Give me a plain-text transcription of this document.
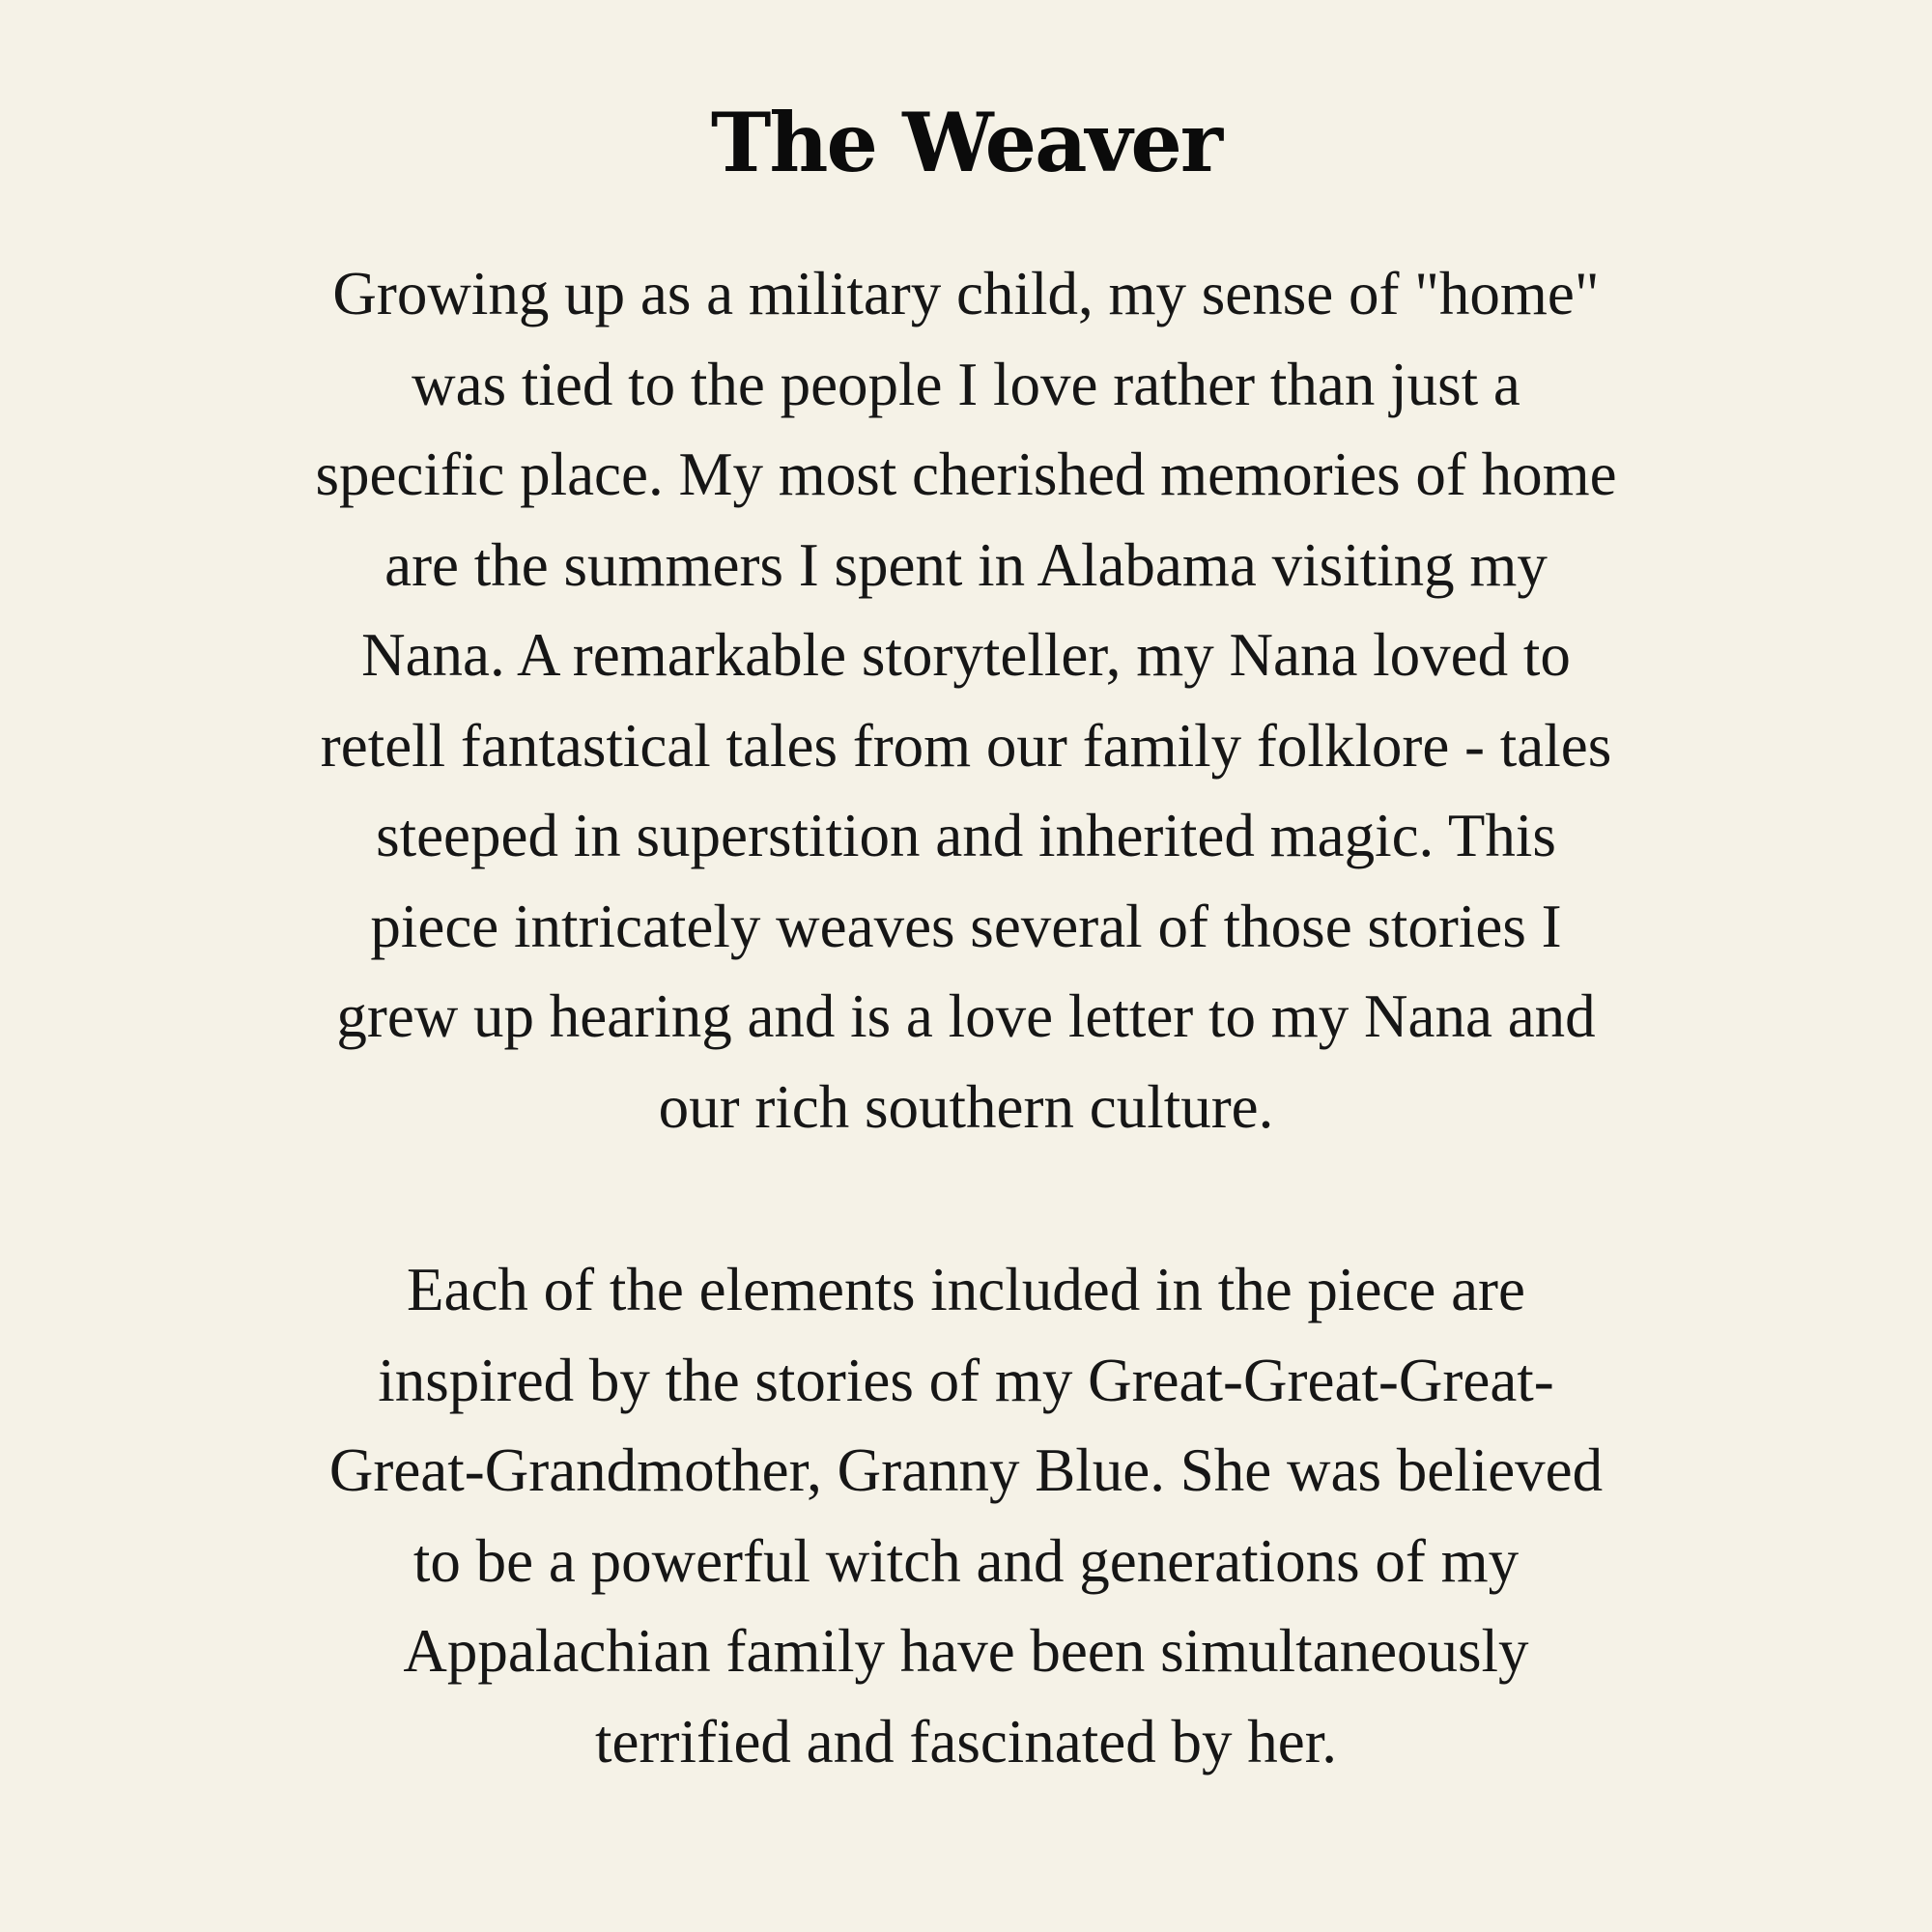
The Weaver

Growing up as a military child, my sense of "home"
was tied to the people I love rather than just a
specific place. My most cherished memories of home
are the summers I spent in Alabama visiting my
Nana. A remarkable storyteller, my Nana loved to
retell fantastical tales from our family folklore - tales
steeped in superstition and inherited magic. This
piece intricately weaves several of those stories I
grew up hearing and is a love letter to my Nana and
our rich southern culture.

Each of the elements included in the piece are
inspired by the stories of my Great-Great-Great-
Great-Grandmother, Granny Blue. She was believed
to be a powerful witch and generations of my
Appalachian family have been simultaneously
terrified and fascinated by her.
